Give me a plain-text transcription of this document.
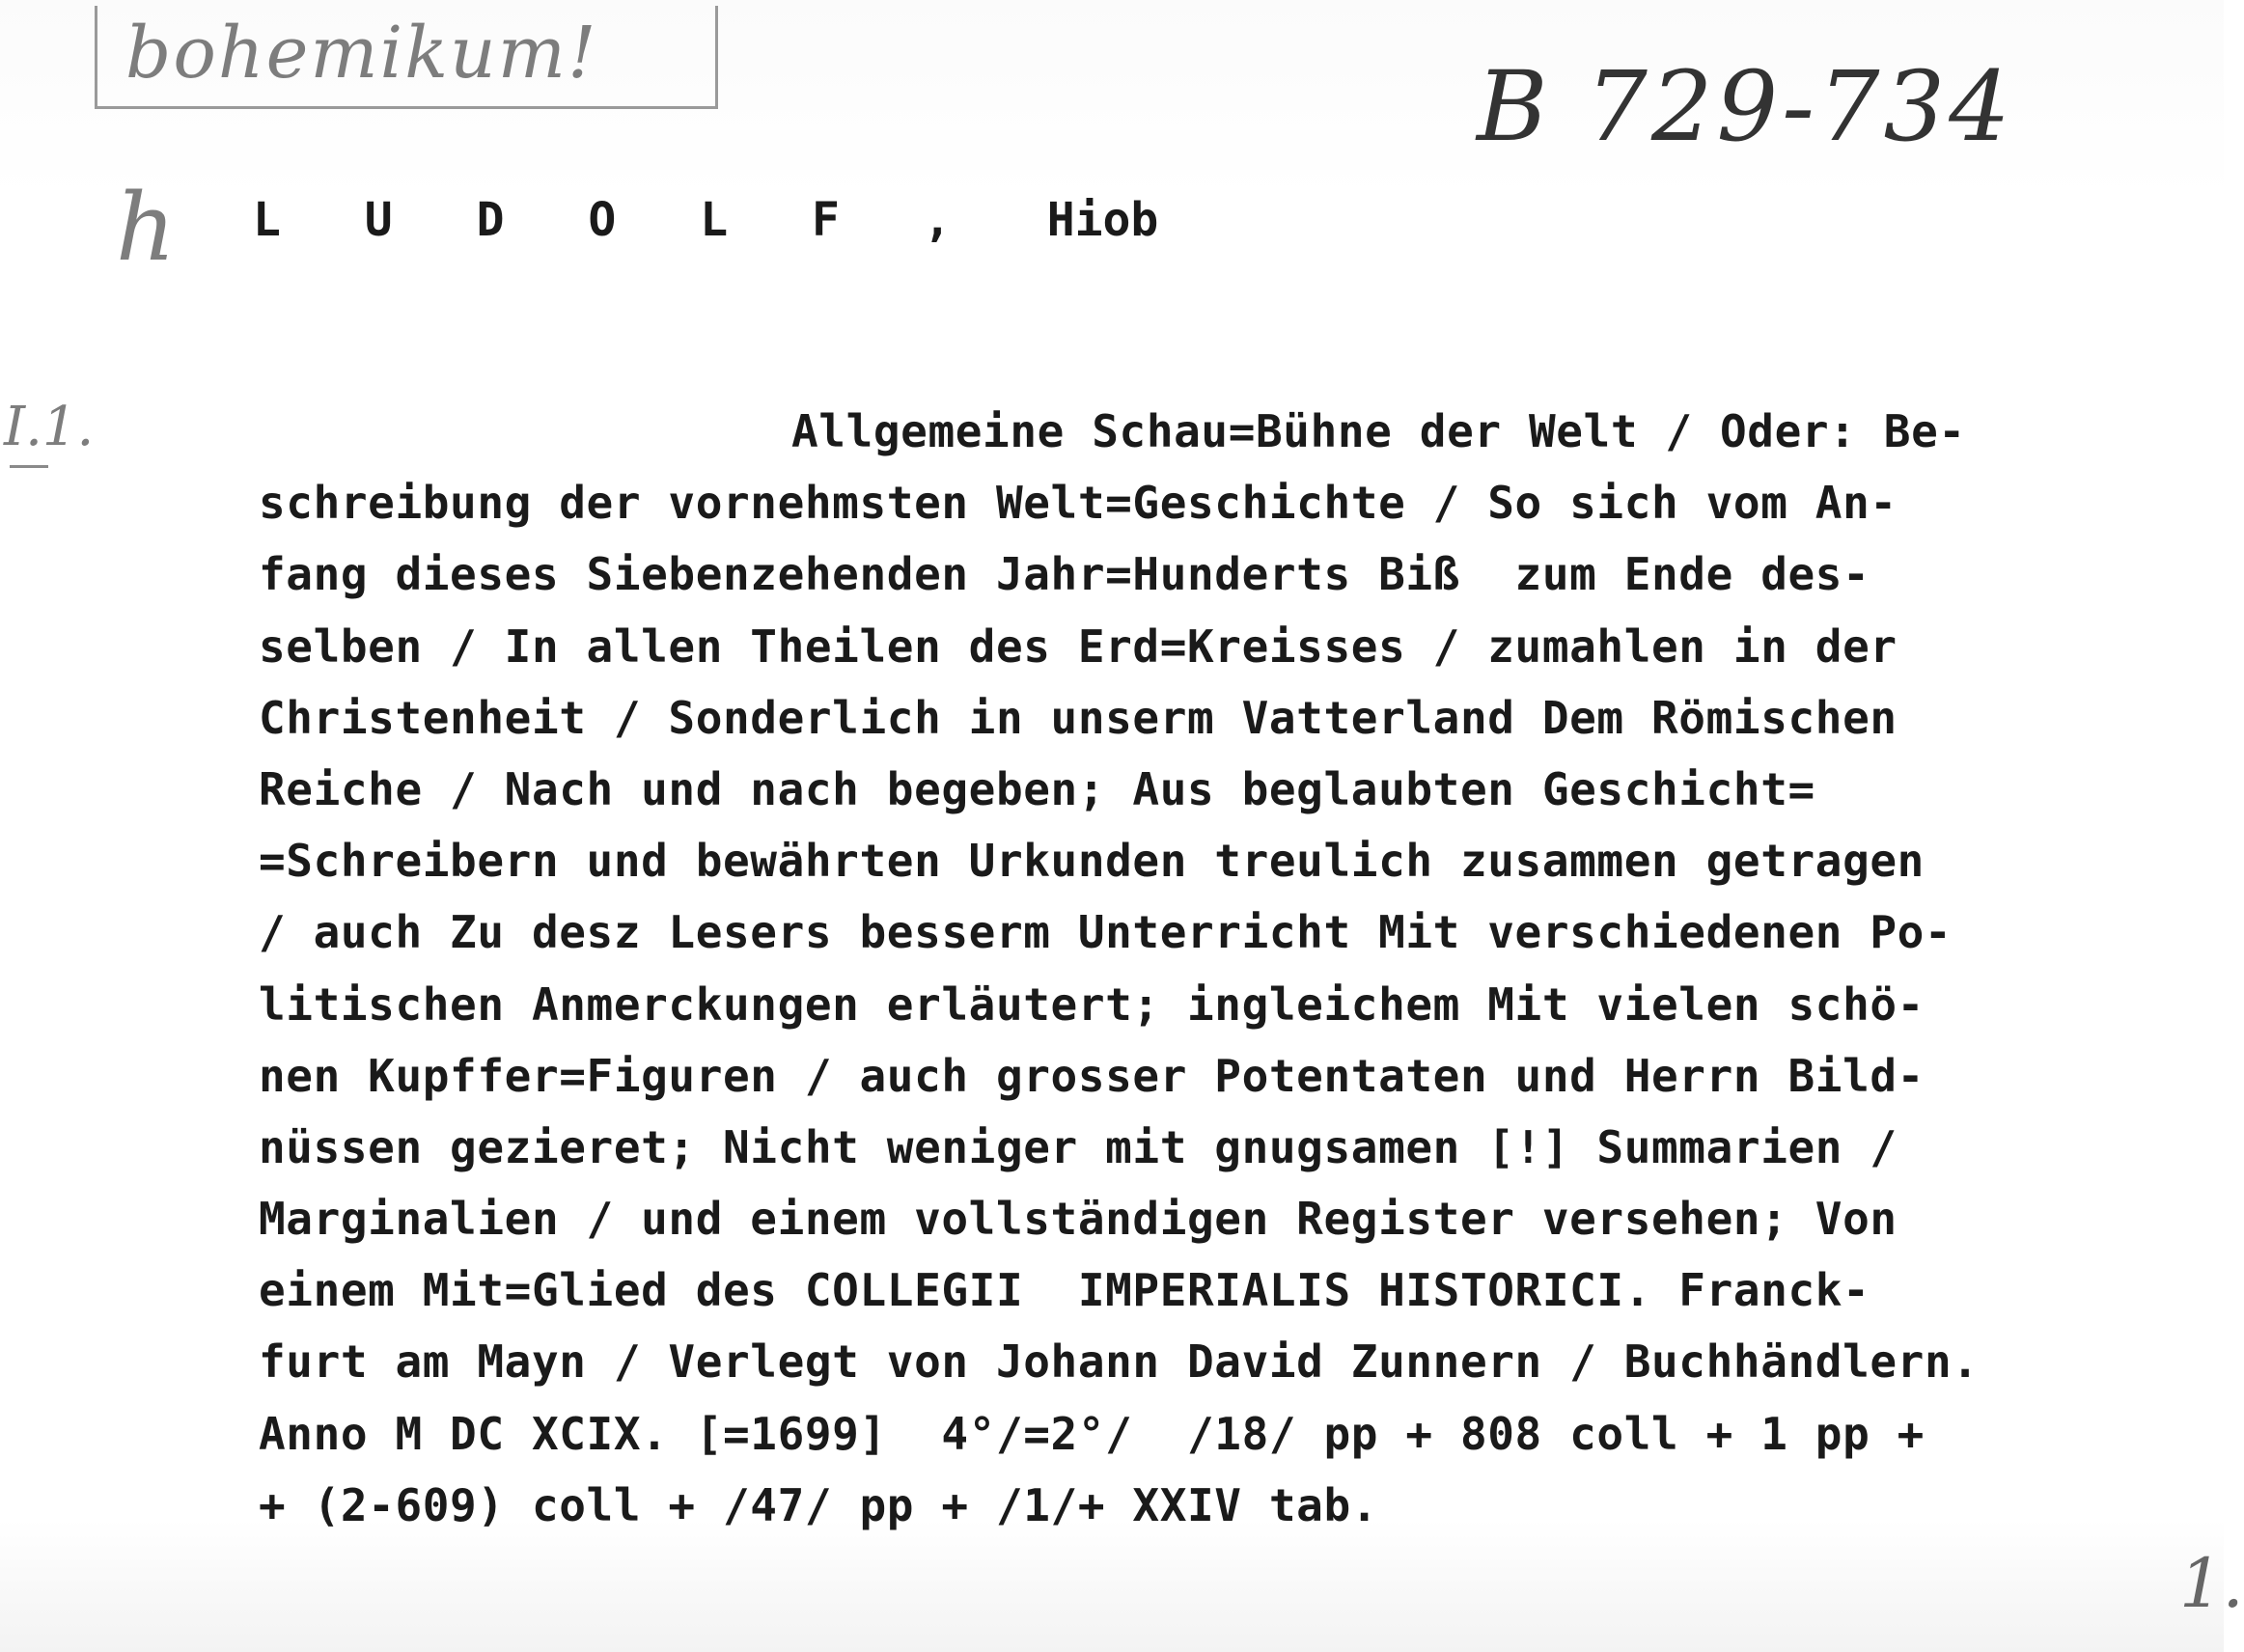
bohemikum!	B 729-734
h
I.1.
1.
L U D O L F , Hiob
Allgemeine Schau=Bühne der Welt / Oder: Be-
schreibung der vornehmsten Welt=Geschichte / So sich vom An-
fang dieses Siebenzehenden Jahr=Hunderts Biß  zum Ende des-
selben / In allen Theilen des Erd=Kreisses / zumahlen in der
Christenheit / Sonderlich in unserm Vatterland Dem Römischen
Reiche / Nach und nach begeben; Aus beglaubten Geschicht=
=Schreibern und bewährten Urkunden treulich zusammen getragen
/ auch Zu desz Lesers besserm Unterricht Mit verschiedenen Po-
litischen Anmerckungen erläutert; ingleichem Mit vielen schö-
nen Kupffer=Figuren / auch grosser Potentaten und Herrn Bild-
nüssen gezieret; Nicht weniger mit gnugsamen [!] Summarien /
Marginalien / und einem vollständigen Register versehen; Von
einem Mit=Glied des COLLEGII  IMPERIALIS HISTORICI. Franck-
furt am Mayn / Verlegt von Johann David Zunnern / Buchhändlern.
Anno M DC XCIX. [=1699]  4°/=2°/  /18/ pp + 808 coll + 1 pp +
+ (2-609) coll + /47/ pp + /1/+ XXIV tab.
